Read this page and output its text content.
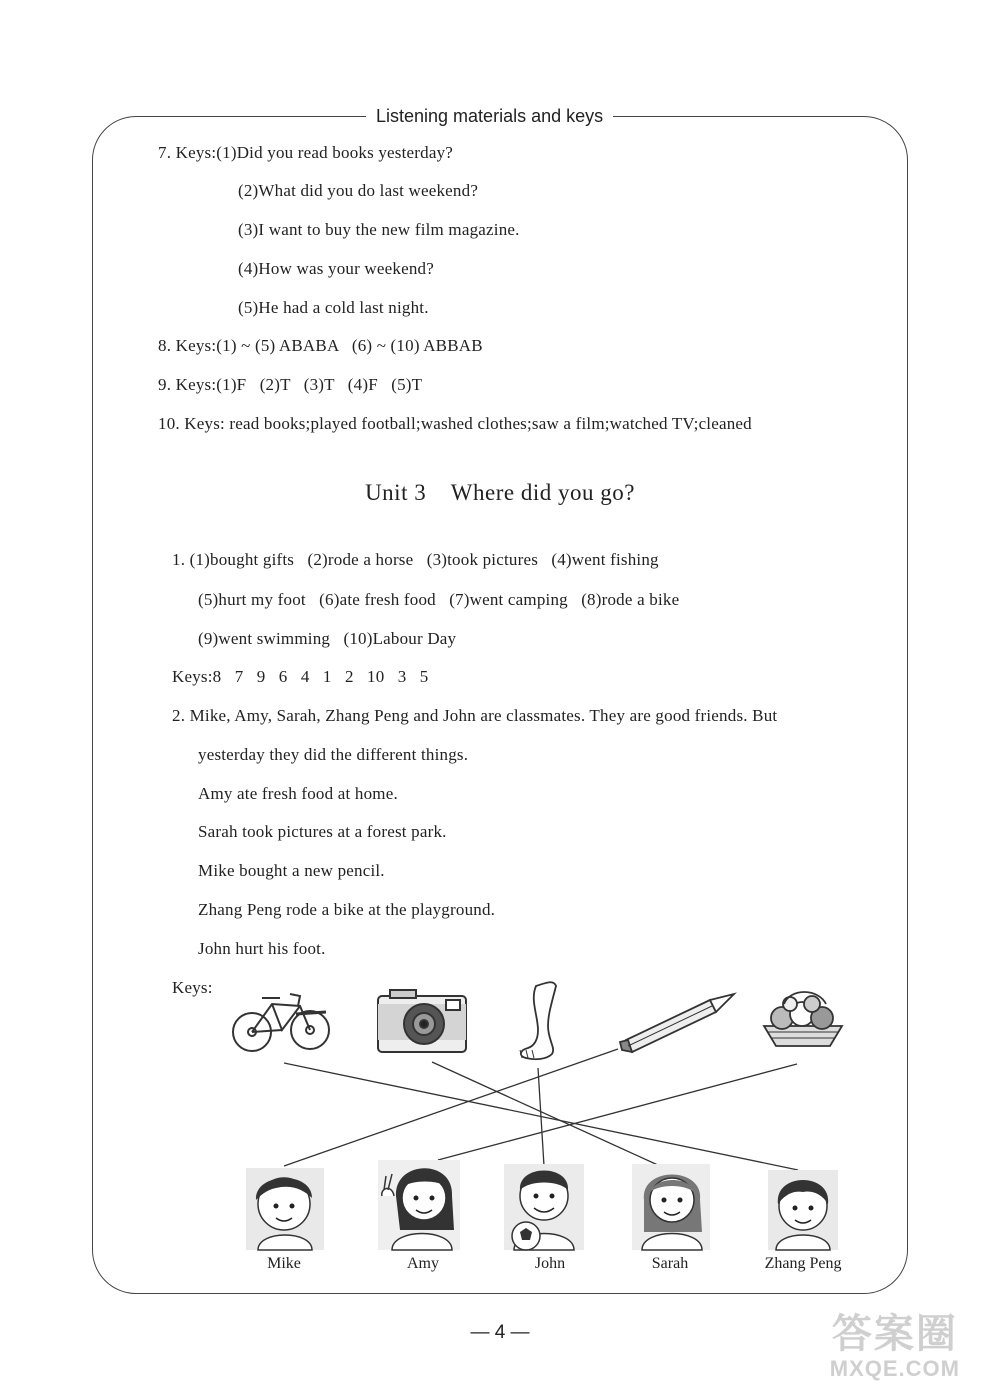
Listening materials and keys
7. Keys:(1)Did you read books yesterday?
(2)What did you do last weekend?
(3)I want to buy the new film magazine.
(4)How was your weekend?
(5)He had a cold last night.
8. Keys:(1) ~ (5) ABABA   (6) ~ (10) ABBAB
9. Keys:(1)F   (2)T   (3)T   (4)F   (5)T
10. Keys: read books;played football;washed clothes;saw a film;watched TV;cleaned
Unit 3    Where did you go?
1. (1)bought gifts   (2)rode a horse   (3)took pictures   (4)went fishing
(5)hurt my foot   (6)ate fresh food   (7)went camping   (8)rode a bike
(9)went swimming   (10)Labour Day
Keys:8   7   9   6   4   1   2   10   3   5
2. Mike, Amy, Sarah, Zhang Peng and John are classmates. They are good friends. But
yesterday they did the different things.
Amy ate fresh food at home.
Sarah took pictures at a forest park.
Mike bought a new pencil.
Zhang Peng rode a bike at the playground.
John hurt his foot.
Keys:
Mike	Amy	John	Sarah	Zhang Peng
— 4 —	答案圈
MXQE.COM
